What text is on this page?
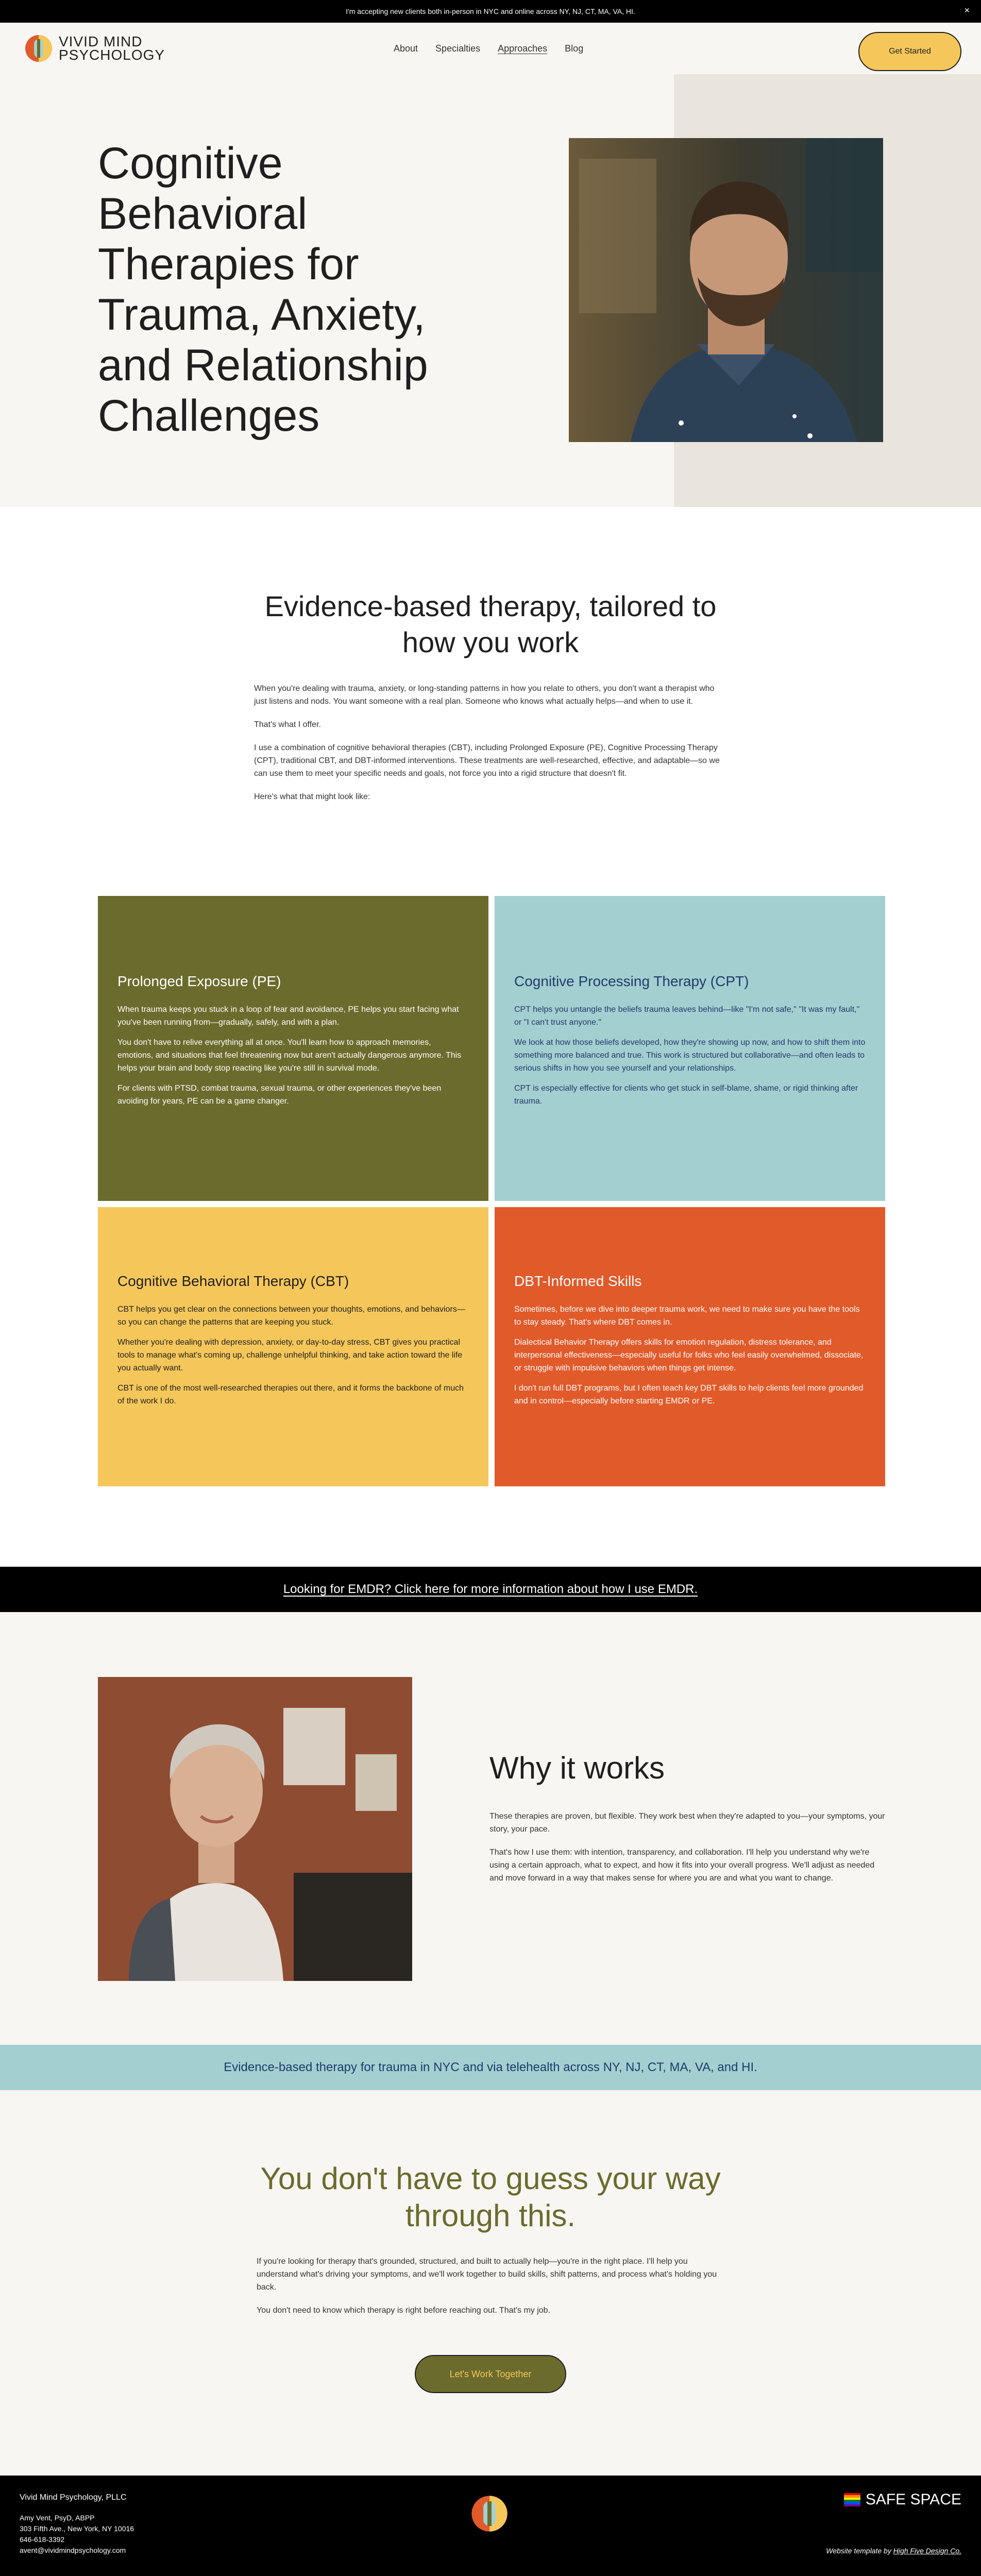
I'm accepting new clients both in-person in NYC and online across NY, NJ, CT, MA, VA, HI.	×
VIVID MIND
PSYCHOLOGY	About Specialties Approaches Blog	Get Started
Cognitive Behavioral Therapies for Trauma, Anxiety, and Relationship Challenges
Evidence-based therapy, tailored to how you work

When you're dealing with trauma, anxiety, or long-standing patterns in how you relate to others, you don't want a therapist who just listens and nods. You want someone with a real plan. Someone who knows what actually helps—and when to use it.

That's what I offer.

I use a combination of cognitive behavioral therapies (CBT), including Prolonged Exposure (PE), Cognitive Processing Therapy (CPT), traditional CBT, and DBT-informed interventions. These treatments are well-researched, effective, and adaptable—so we can use them to meet your specific needs and goals, not force you into a rigid structure that doesn't fit.

Here's what that might look like:

Prolonged Exposure (PE)

When trauma keeps you stuck in a loop of fear and avoidance, PE helps you start facing what you've been running from—gradually, safely, and with a plan.

You don't have to relive everything all at once. You'll learn how to approach memories, emotions, and situations that feel threatening now but aren't actually dangerous anymore. This helps your brain and body stop reacting like you're still in survival mode.

For clients with PTSD, combat trauma, sexual trauma, or other experiences they've been avoiding for years, PE can be a game changer.

Cognitive Processing Therapy (CPT)

CPT helps you untangle the beliefs trauma leaves behind—like "I'm not safe," "It was my fault," or "I can't trust anyone."

We look at how those beliefs developed, how they're showing up now, and how to shift them into something more balanced and true. This work is structured but collaborative—and often leads to serious shifts in how you see yourself and your relationships.

CPT is especially effective for clients who get stuck in self-blame, shame, or rigid thinking after trauma.

Cognitive Behavioral Therapy (CBT)

CBT helps you get clear on the connections between your thoughts, emotions, and behaviors—so you can change the patterns that are keeping you stuck.

Whether you're dealing with depression, anxiety, or day-to-day stress, CBT gives you practical tools to manage what's coming up, challenge unhelpful thinking, and take action toward the life you actually want.

CBT is one of the most well-researched therapies out there, and it forms the backbone of much of the work I do.

DBT-Informed Skills

Sometimes, before we dive into deeper trauma work, we need to make sure you have the tools to stay steady. That's where DBT comes in.

Dialectical Behavior Therapy offers skills for emotion regulation, distress tolerance, and interpersonal effectiveness—especially useful for folks who feel easily overwhelmed, dissociate, or struggle with impulsive behaviors when things get intense.

I don't run full DBT programs, but I often teach key DBT skills to help clients feel more grounded and in control—especially before starting EMDR or PE.

Looking for EMDR? Click here for more information about how I use EMDR.
Why it works

These therapies are proven, but flexible. They work best when they're adapted to you—your symptoms, your story, your pace.

That's how I use them: with intention, transparency, and collaboration. I'll help you understand why we're using a certain approach, what to expect, and how it fits into your overall progress. We'll adjust as needed and move forward in a way that makes sense for where you are and what you want to change.

Evidence-based therapy for trauma in NYC and via telehealth across NY, NJ, CT, MA, VA, and HI.
You don't have to guess your way through this.

If you're looking for therapy that's grounded, structured, and built to actually help—you're in the right place. I'll help you understand what's driving your symptoms, and we'll work together to build skills, shift patterns, and process what's holding you back.

You don't need to know which therapy is right before reaching out. That's my job.

Let's Work Together
Vivid Mind Psychology, PLLC
Amy Vent, PsyD, ABPP
303 Fifth Ave., New York, NY 10016
646-618-3392
avent@vividmindpsychology.com
SAFE SPACE
Website template by High Five Design Co.
